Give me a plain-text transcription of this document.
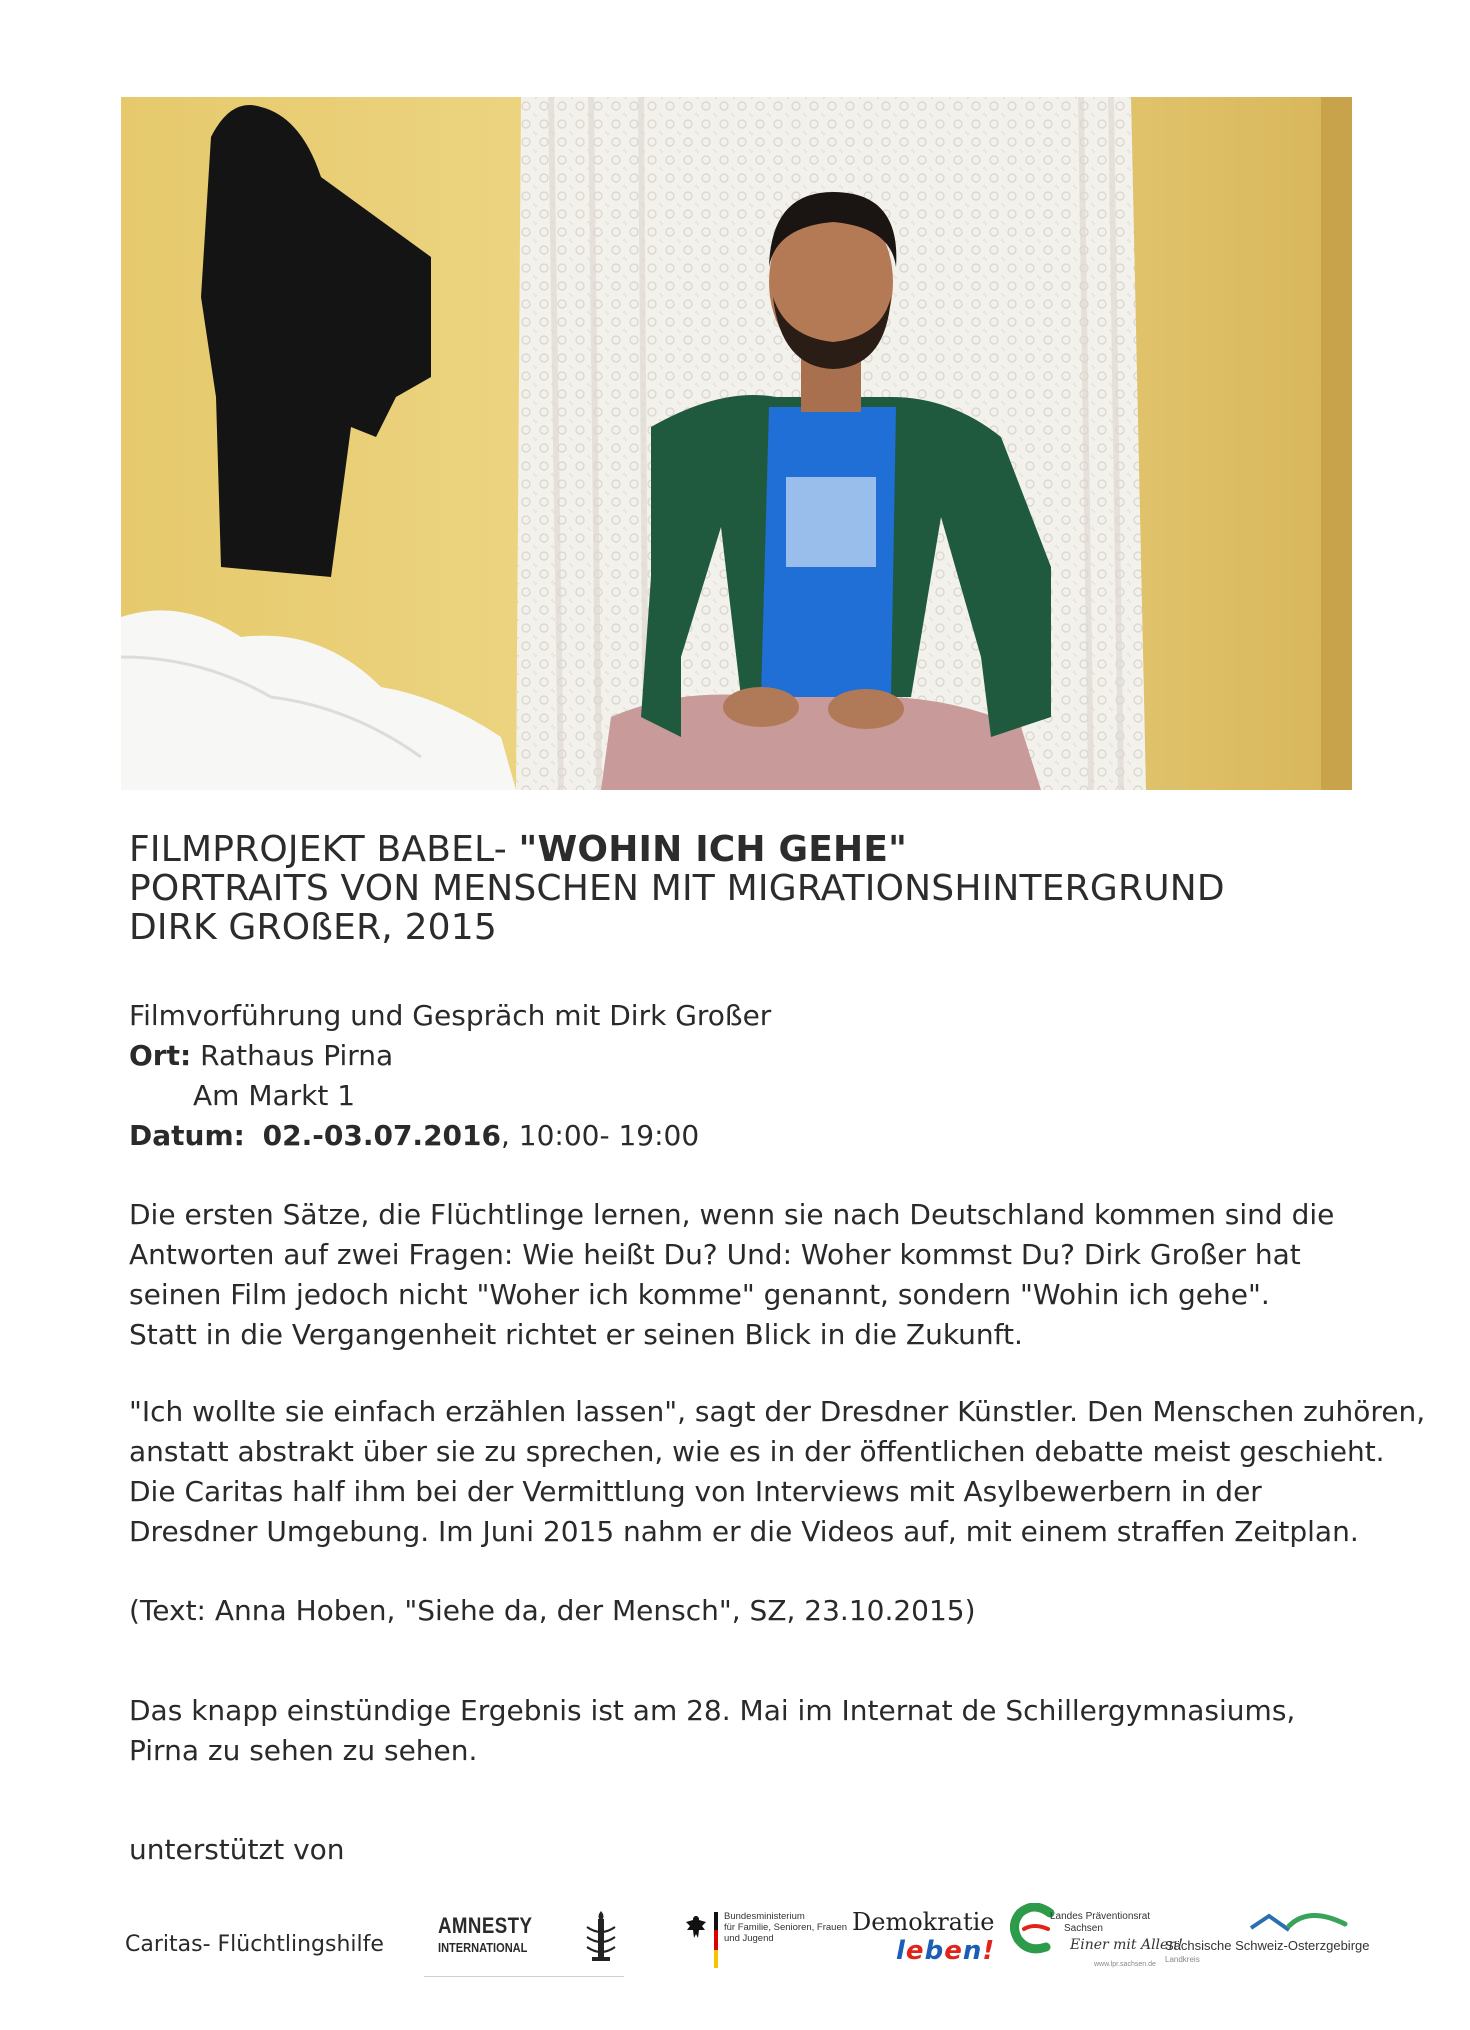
FILMPROJEKT BABEL- "WOHIN ICH GEHE"
PORTRAITS VON MENSCHEN MIT MIGRATIONSHINTERGRUND
DIRK GROßER, 2015
Filmvorführung und Gespräch mit Dirk Großer
Ort: Rathaus Pirna
Am Markt 1
Datum: 02.-03.07.2016, 10:00- 19:00
Die ersten Sätze, die Flüchtlinge lernen, wenn sie nach Deutschland kommen sind die
Antworten auf zwei Fragen: Wie heißt Du? Und: Woher kommst Du? Dirk Großer hat
seinen Film jedoch nicht "Woher ich komme" genannt, sondern "Wohin ich gehe".
Statt in die Vergangenheit richtet er seinen Blick in die Zukunft.
"Ich wollte sie einfach erzählen lassen", sagt der Dresdner Künstler. Den Menschen zuhören,
anstatt abstrakt über sie zu sprechen, wie es in der öffentlichen debatte meist geschieht.
Die Caritas half ihm bei der Vermittlung von Interviews mit Asylbewerbern in der
Dresdner Umgebung. Im Juni 2015 nahm er die Videos auf, mit einem straffen Zeitplan.
(Text: Anna Hoben, "Siehe da, der Mensch", SZ, 23.10.2015)
Das knapp einstündige Ergebnis ist am 28. Mai im Internat de Schillergymnasiums,
Pirna zu sehen zu sehen.
unterstützt von
Caritas- Flüchtlingshilfe
AMNESTY
INTERNATIONAL
Bundesministerium
für Familie, Senioren, Frauen
und Jugend
Demokratie
leben!
Landes Präventionsrat
Sachsen
Einer mit Allen!
www.lpr.sachsen.de
Sächsische Schweiz-Osterzgebirge
Landkreis
